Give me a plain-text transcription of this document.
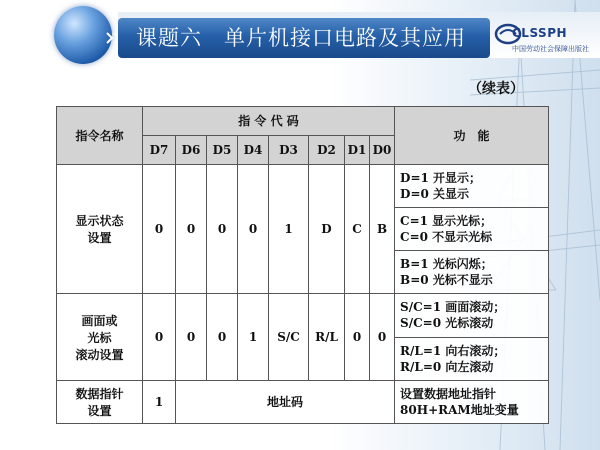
课题六　单片机接口电路及其应用	CLSSPH
中国劳动社会保障出版社
（续表）
指令名称	指 令 代 码								功　能
	D7	D6	D5	D4	D3	D2	D1	D0	

显示状态
设置	0	0	0	0	1	D	C	B	D=1 开显示；
D=0 关显示

									C=1 显示光标；
C=0 不显示光标

									B=1 光标闪烁；
B=0 光标不显示

画面或
光标
滚动设置	0	0	0	1	S/C	R/L	0	0	S/C=1 画面滚动；
S/C=0 光标滚动

									R/L=1 向右滚动；
R/L=0 向左滚动

数据指针
设置	1	地址码							设置数据地址指针
80H+RAM地址变量
